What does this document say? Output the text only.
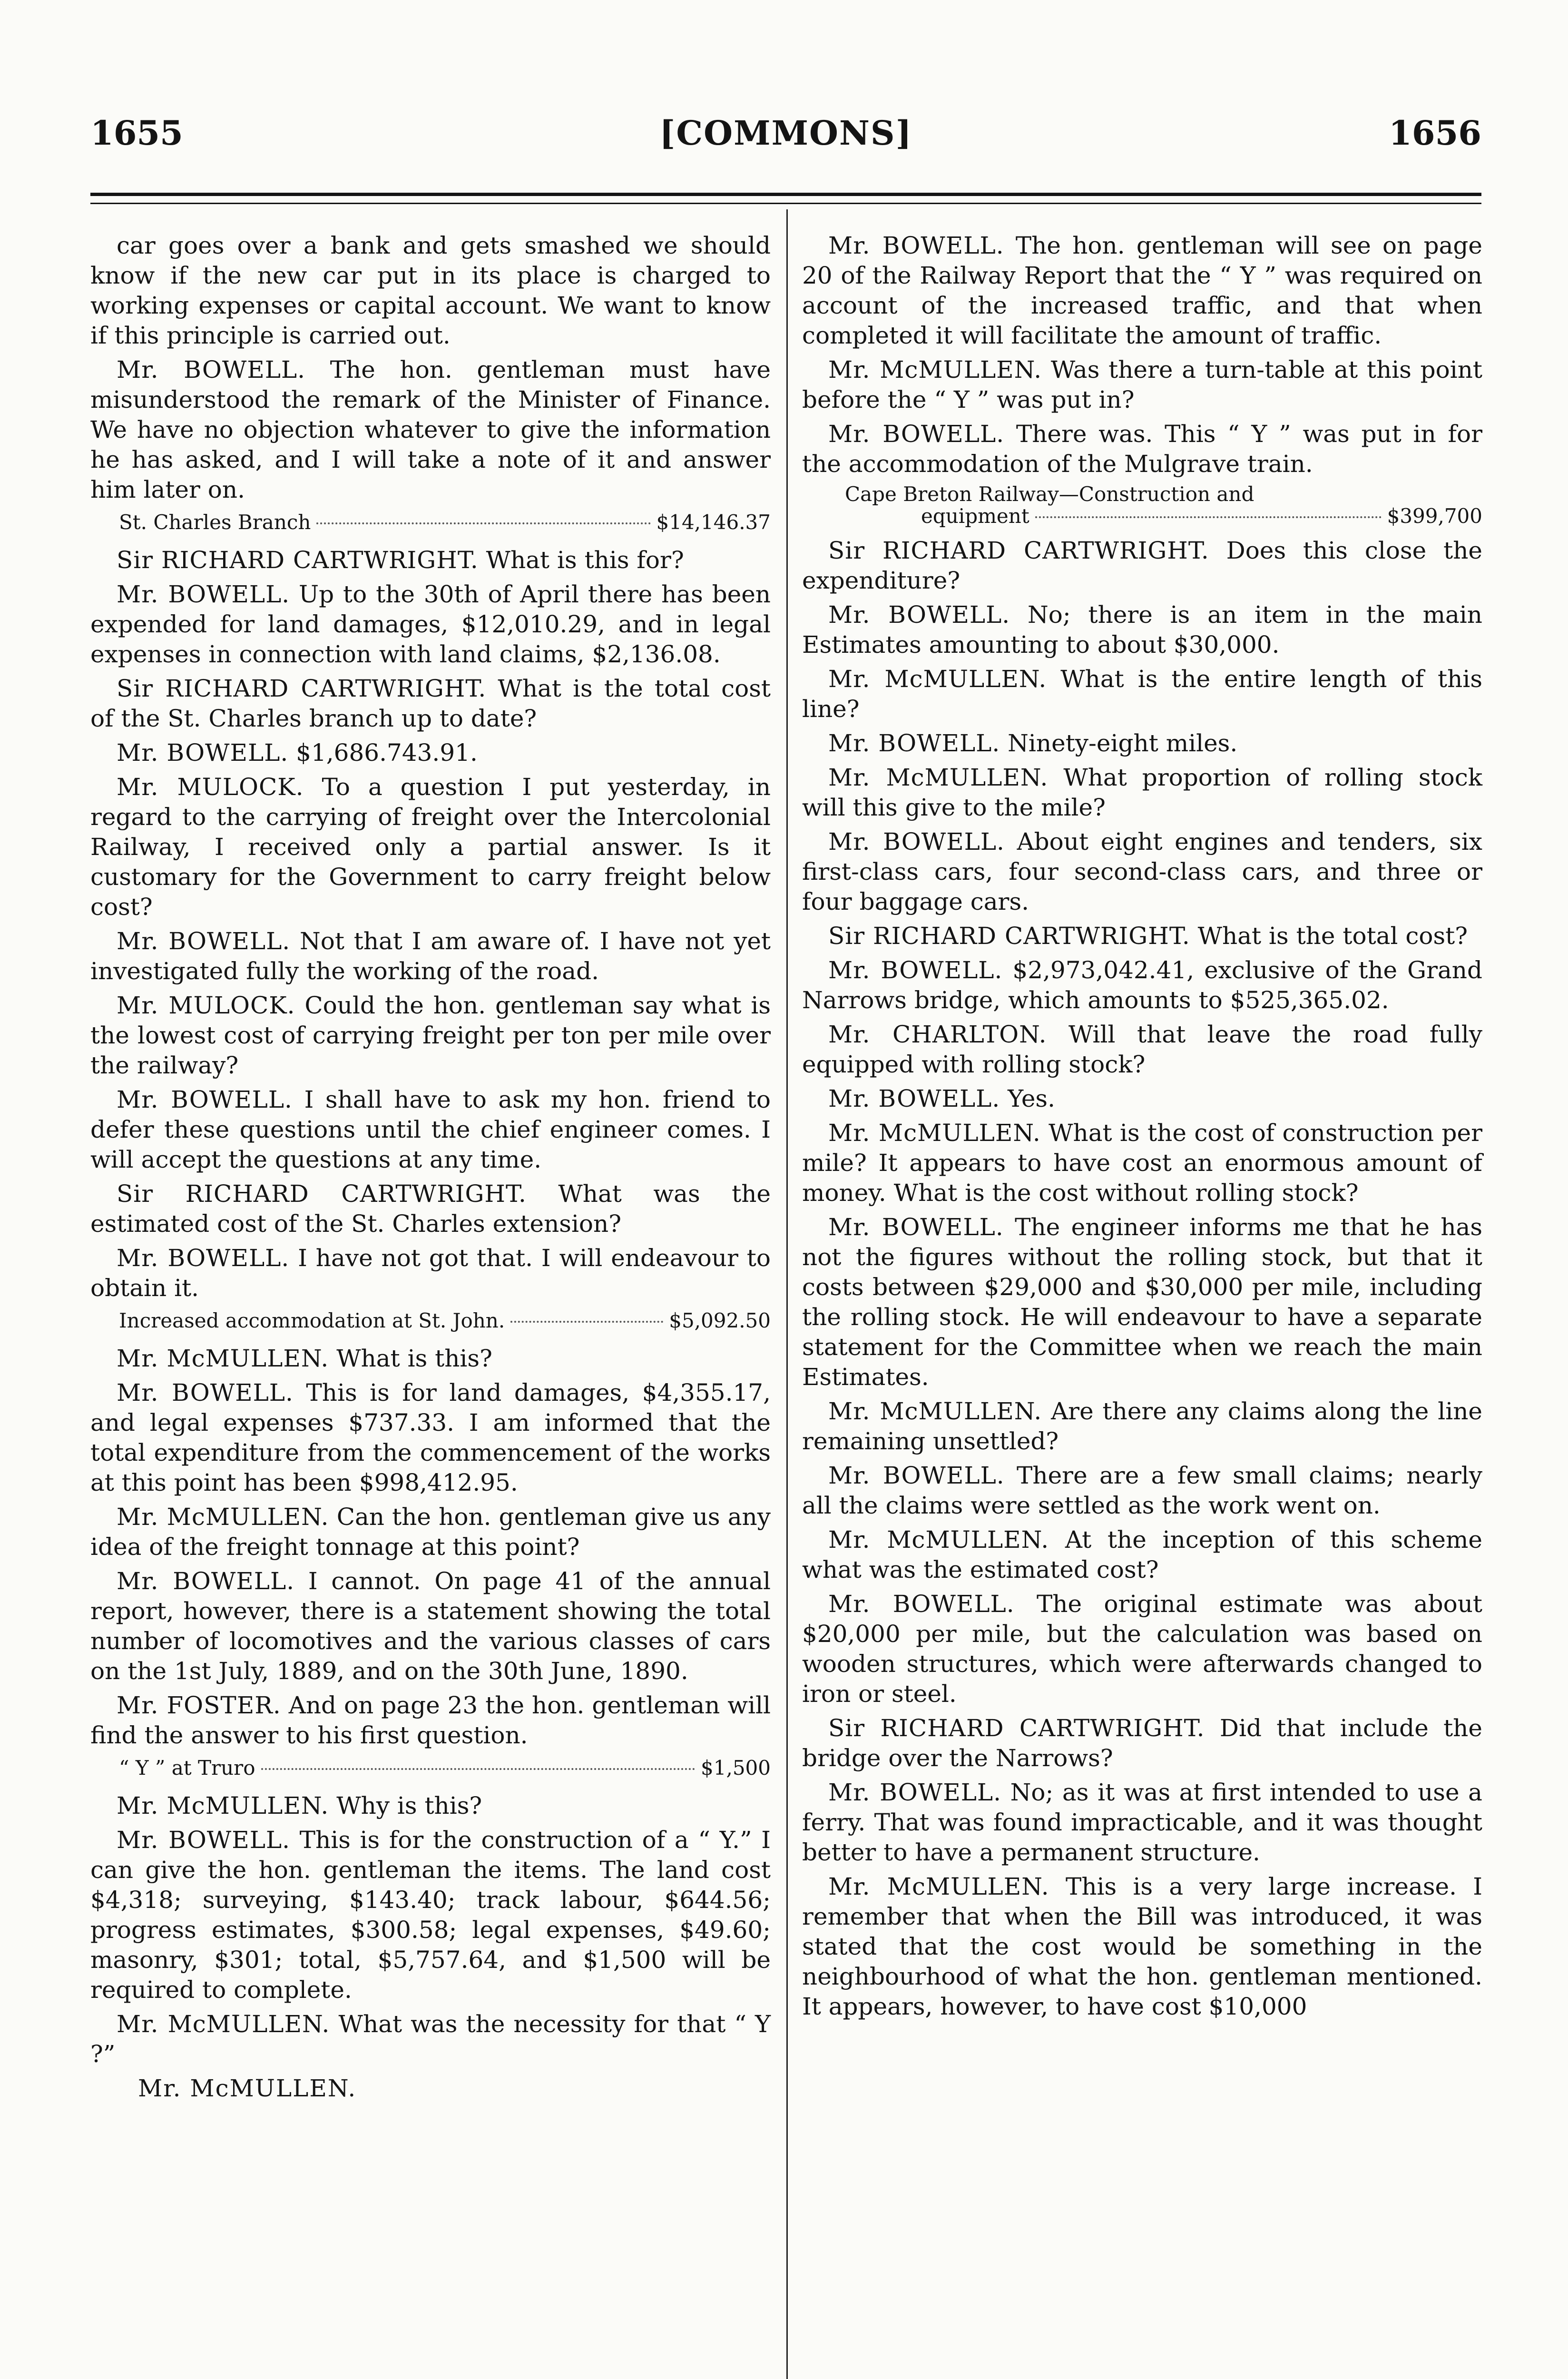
1655	[COMMONS]	1656

car goes over a bank and gets smashed we should know if the new car put in its place is charged to working expenses or capital account. We want to know if this principle is carried out.

Mr. BOWELL. The hon. gentleman must have misunderstood the remark of the Minister of Finance. We have no objection whatever to give the information he has asked, and I will take a note of it and answer him later on.

St. Charles Branch	$14,146.37

Sir RICHARD CARTWRIGHT. What is this for?

Mr. BOWELL. Up to the 30th of April there has been expended for land damages, $12,010.29, and in legal expenses in connection with land claims, $2,136.08.

Sir RICHARD CARTWRIGHT. What is the total cost of the St. Charles branch up to date?

Mr. BOWELL. $1,686.743.91.

Mr. MULOCK. To a question I put yesterday, in regard to the carrying of freight over the Intercolonial Railway, I received only a partial answer. Is it customary for the Government to carry freight below cost?

Mr. BOWELL. Not that I am aware of. I have not yet investigated fully the working of the road.

Mr. MULOCK. Could the hon. gentleman say what is the lowest cost of carrying freight per ton per mile over the railway?

Mr. BOWELL. I shall have to ask my hon. friend to defer these questions until the chief engineer comes. I will accept the questions at any time.

Sir RICHARD CARTWRIGHT. What was the estimated cost of the St. Charles extension?

Mr. BOWELL. I have not got that. I will endeavour to obtain it.

Increased accommodation at St. John.	$5,092.50

Mr. McMULLEN. What is this?

Mr. BOWELL. This is for land damages, $4,355.17, and legal expenses $737.33. I am informed that the total expenditure from the commencement of the works at this point has been $998,412.95.

Mr. McMULLEN. Can the hon. gentleman give us any idea of the freight tonnage at this point?

Mr. BOWELL. I cannot. On page 41 of the annual report, however, there is a statement showing the total number of locomotives and the various classes of cars on the 1st July, 1889, and on the 30th June, 1890.

Mr. FOSTER. And on page 23 the hon. gentleman will find the answer to his first question.

“ Y ” at Truro	$1,500

Mr. McMULLEN. Why is this?

Mr. BOWELL. This is for the construction of a “ Y.” I can give the hon. gentleman the items. The land cost $4,318; surveying, $143.40; track labour, $644.56; progress estimates, $300.58; legal expenses, $49.60; masonry, $301; total, $5,757.64, and $1,500 will be required to complete.

Mr. McMULLEN. What was the necessity for that “ Y ?”

Mr. McMULLEN.

Mr. BOWELL. The hon. gentleman will see on page 20 of the Railway Report that the “ Y ” was required on account of the increased traffic, and that when completed it will facilitate the amount of traffic.

Mr. McMULLEN. Was there a turn-table at this point before the “ Y ” was put in?

Mr. BOWELL. There was. This “ Y ” was put in for the accommodation of the Mulgrave train.

Cape Breton Railway—Construction and
equipment	$399,700

Sir RICHARD CARTWRIGHT. Does this close the expenditure?

Mr. BOWELL. No; there is an item in the main Estimates amounting to about $30,000.

Mr. McMULLEN. What is the entire length of this line?

Mr. BOWELL. Ninety-eight miles.

Mr. McMULLEN. What proportion of rolling stock will this give to the mile?

Mr. BOWELL. About eight engines and tenders, six first-class cars, four second-class cars, and three or four baggage cars.

Sir RICHARD CARTWRIGHT. What is the total cost?

Mr. BOWELL. $2,973,042.41, exclusive of the Grand Narrows bridge, which amounts to $525,365.02.

Mr. CHARLTON. Will that leave the road fully equipped with rolling stock?

Mr. BOWELL. Yes.

Mr. McMULLEN. What is the cost of construction per mile? It appears to have cost an enormous amount of money. What is the cost without rolling stock?

Mr. BOWELL. The engineer informs me that he has not the figures without the rolling stock, but that it costs between $29,000 and $30,000 per mile, including the rolling stock. He will endeavour to have a separate statement for the Committee when we reach the main Estimates.

Mr. McMULLEN. Are there any claims along the line remaining unsettled?

Mr. BOWELL. There are a few small claims; nearly all the claims were settled as the work went on.

Mr. McMULLEN. At the inception of this scheme what was the estimated cost?

Mr. BOWELL. The original estimate was about $20,000 per mile, but the calculation was based on wooden structures, which were afterwards changed to iron or steel.

Sir RICHARD CARTWRIGHT. Did that include the bridge over the Narrows?

Mr. BOWELL. No; as it was at first intended to use a ferry. That was found impracticable, and it was thought better to have a permanent structure.

Mr. McMULLEN. This is a very large increase. I remember that when the Bill was introduced, it was stated that the cost would be something in the neighbourhood of what the hon. gentleman mentioned. It appears, however, to have cost $10,000
